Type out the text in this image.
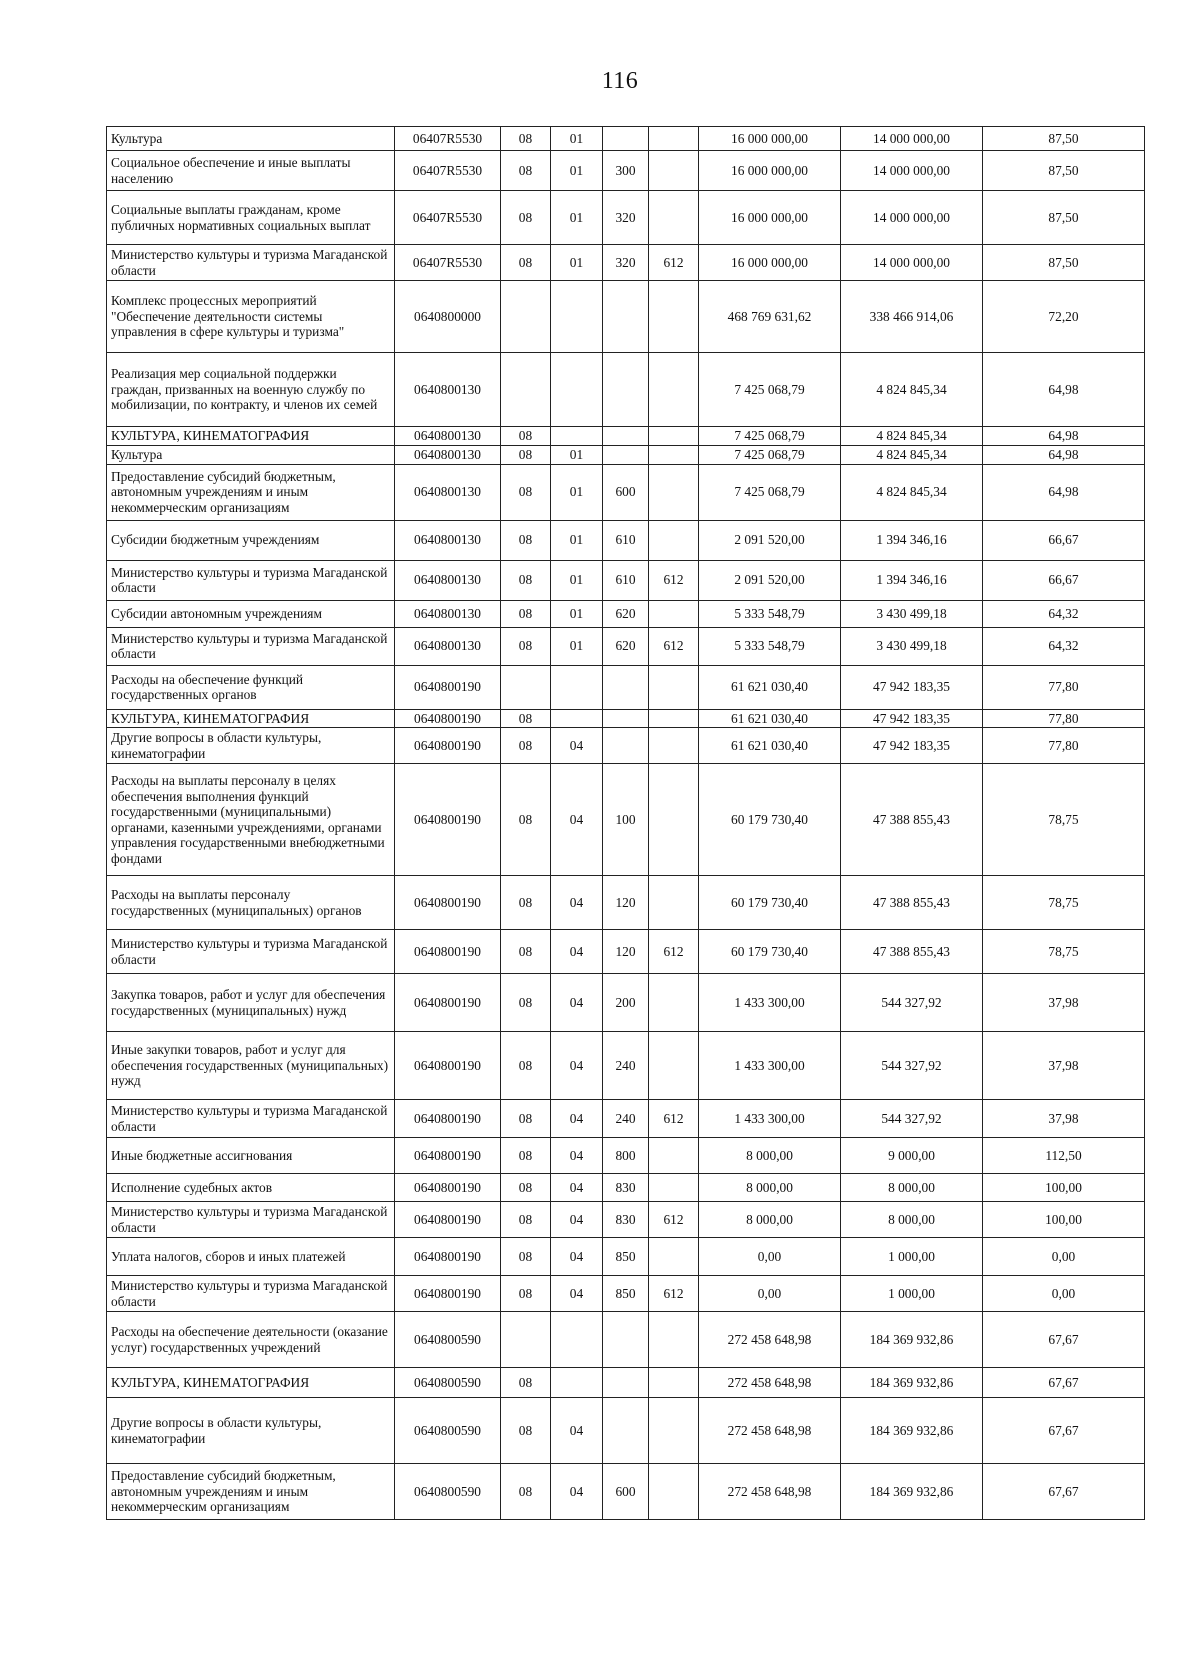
116
Культура	06407R5530	08	01			16 000 000,00	14 000 000,00	87,50
Социальное обеспечение и иные выплаты населению	06407R5530	08	01	300		16 000 000,00	14 000 000,00	87,50
Социальные выплаты гражданам, кроме публичных нормативных социальных выплат	06407R5530	08	01	320		16 000 000,00	14 000 000,00	87,50
Министерство культуры и туризма Магаданской области	06407R5530	08	01	320	612	16 000 000,00	14 000 000,00	87,50
Комплекс процессных мероприятий "Обеспечение деятельности системы управления в сфере культуры и туризма"	0640800000					468 769 631,62	338 466 914,06	72,20
Реализация мер социальной поддержки граждан, призванных на военную службу по мобилизации, по контракту, и членов их семей	0640800130					7 425 068,79	4 824 845,34	64,98
КУЛЬТУРА, КИНЕМАТОГРАФИЯ	0640800130	08				7 425 068,79	4 824 845,34	64,98
Культура	0640800130	08	01			7 425 068,79	4 824 845,34	64,98
Предоставление субсидий бюджетным, автономным учреждениям и иным некоммерческим организациям	0640800130	08	01	600		7 425 068,79	4 824 845,34	64,98
Субсидии бюджетным учреждениям	0640800130	08	01	610		2 091 520,00	1 394 346,16	66,67
Министерство культуры и туризма Магаданской области	0640800130	08	01	610	612	2 091 520,00	1 394 346,16	66,67
Субсидии автономным учреждениям	0640800130	08	01	620		5 333 548,79	3 430 499,18	64,32
Министерство культуры и туризма Магаданской области	0640800130	08	01	620	612	5 333 548,79	3 430 499,18	64,32
Расходы на обеспечение функций государственных органов	0640800190					61 621 030,40	47 942 183,35	77,80
КУЛЬТУРА, КИНЕМАТОГРАФИЯ	0640800190	08				61 621 030,40	47 942 183,35	77,80
Другие вопросы в области культуры, кинематографии	0640800190	08	04			61 621 030,40	47 942 183,35	77,80
Расходы на выплаты персоналу в целях обеспечения выполнения функций государственными (муниципальными) органами, казенными учреждениями, органами управления государственными внебюджетными фондами	0640800190	08	04	100		60 179 730,40	47 388 855,43	78,75
Расходы на выплаты персоналу государственных (муниципальных) органов	0640800190	08	04	120		60 179 730,40	47 388 855,43	78,75
Министерство культуры и туризма Магаданской области	0640800190	08	04	120	612	60 179 730,40	47 388 855,43	78,75
Закупка товаров, работ и услуг для обеспечения государственных (муниципальных) нужд	0640800190	08	04	200		1 433 300,00	544 327,92	37,98
Иные закупки товаров, работ и услуг для обеспечения государственных (муниципальных) нужд	0640800190	08	04	240		1 433 300,00	544 327,92	37,98
Министерство культуры и туризма Магаданской области	0640800190	08	04	240	612	1 433 300,00	544 327,92	37,98
Иные бюджетные ассигнования	0640800190	08	04	800		8 000,00	9 000,00	112,50
Исполнение судебных актов	0640800190	08	04	830		8 000,00	8 000,00	100,00
Министерство культуры и туризма Магаданской области	0640800190	08	04	830	612	8 000,00	8 000,00	100,00
Уплата налогов, сборов и иных платежей	0640800190	08	04	850		0,00	1 000,00	0,00
Министерство культуры и туризма Магаданской области	0640800190	08	04	850	612	0,00	1 000,00	0,00
Расходы на обеспечение деятельности (оказание услуг) государственных учреждений	0640800590					272 458 648,98	184 369 932,86	67,67
КУЛЬТУРА, КИНЕМАТОГРАФИЯ	0640800590	08				272 458 648,98	184 369 932,86	67,67
Другие вопросы в области культуры, кинематографии	0640800590	08	04			272 458 648,98	184 369 932,86	67,67
Предоставление субсидий бюджетным, автономным учреждениям и иным некоммерческим организациям	0640800590	08	04	600		272 458 648,98	184 369 932,86	67,67
